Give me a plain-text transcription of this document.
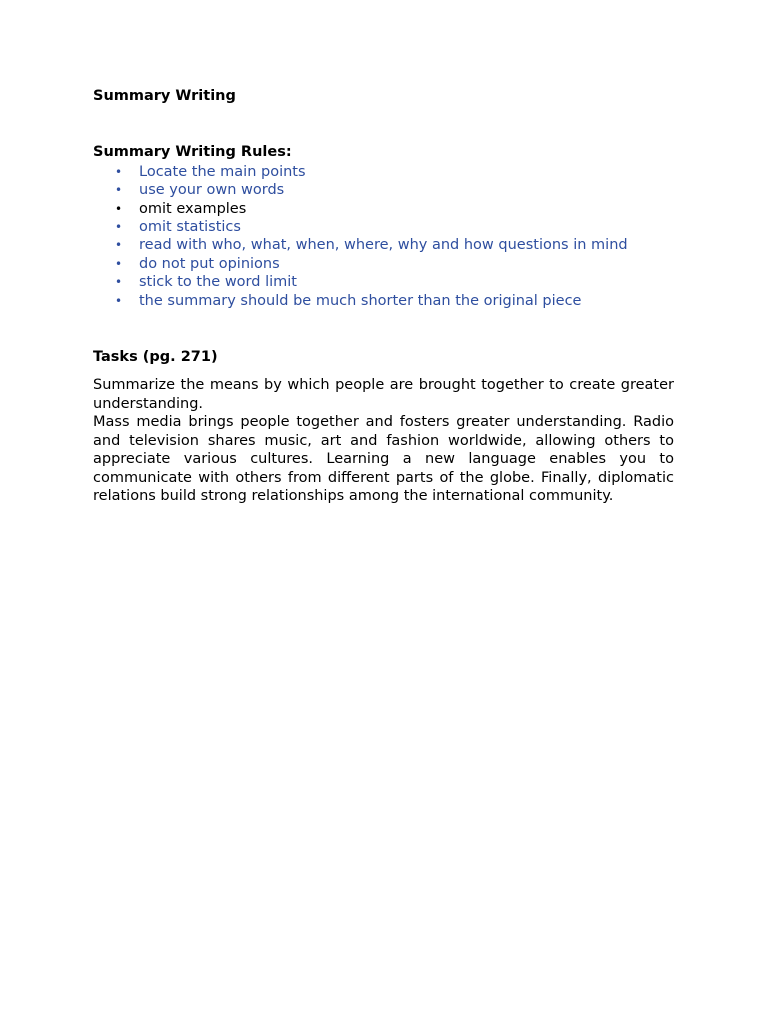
Summary Writing
Summary Writing Rules:
• Locate the main points
• use your own words
• omit examples
• omit statistics
• read with who, what, when, where, why and how questions in mind
• do not put opinions
• stick to the word limit
• the summary should be much shorter than the original piece
Tasks (pg. 271)

Summarize the means by which people are brought together to create greater understanding.

Mass media brings people together and fosters greater understanding. Radio and television shares music, art and fashion worldwide, allowing others to appreciate various cultures. Learning a new language enables you to communicate with others from different parts of the globe. Finally, diplomatic relations build strong relationships among the international community.
